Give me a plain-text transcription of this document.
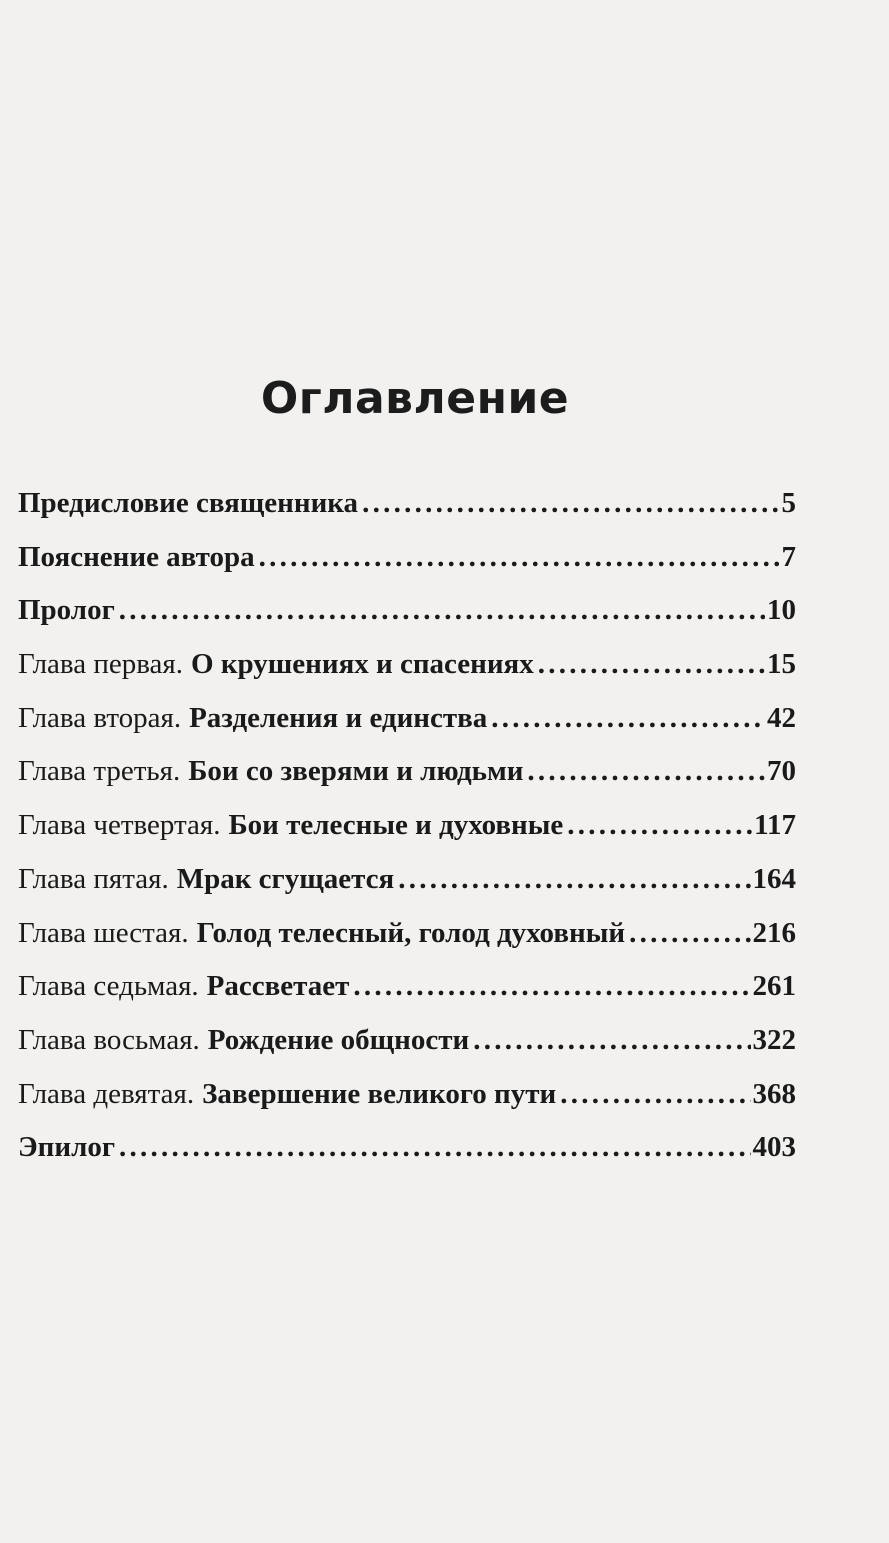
Оглавление
Предисловие священника . . .	5
Пояснение автора . . .	7
Пролог . . .	10
Глава первая. О крушениях и спасениях . . .	15
Глава вторая. Разделения и единства . . .	42
Глава третья. Бои со зверями и людьми . . .	70
Глава четвертая. Бои телесные и духовные . . .	117
Глава пятая. Мрак сгущается . . .	164
Глава шестая. Голод телесный, голод духовный . . .	216
Глава седьмая. Рассветает . . .	261
Глава восьмая. Рождение общности . . .	322
Глава девятая. Завершение великого пути . . .	368
Эпилог . . .	403
